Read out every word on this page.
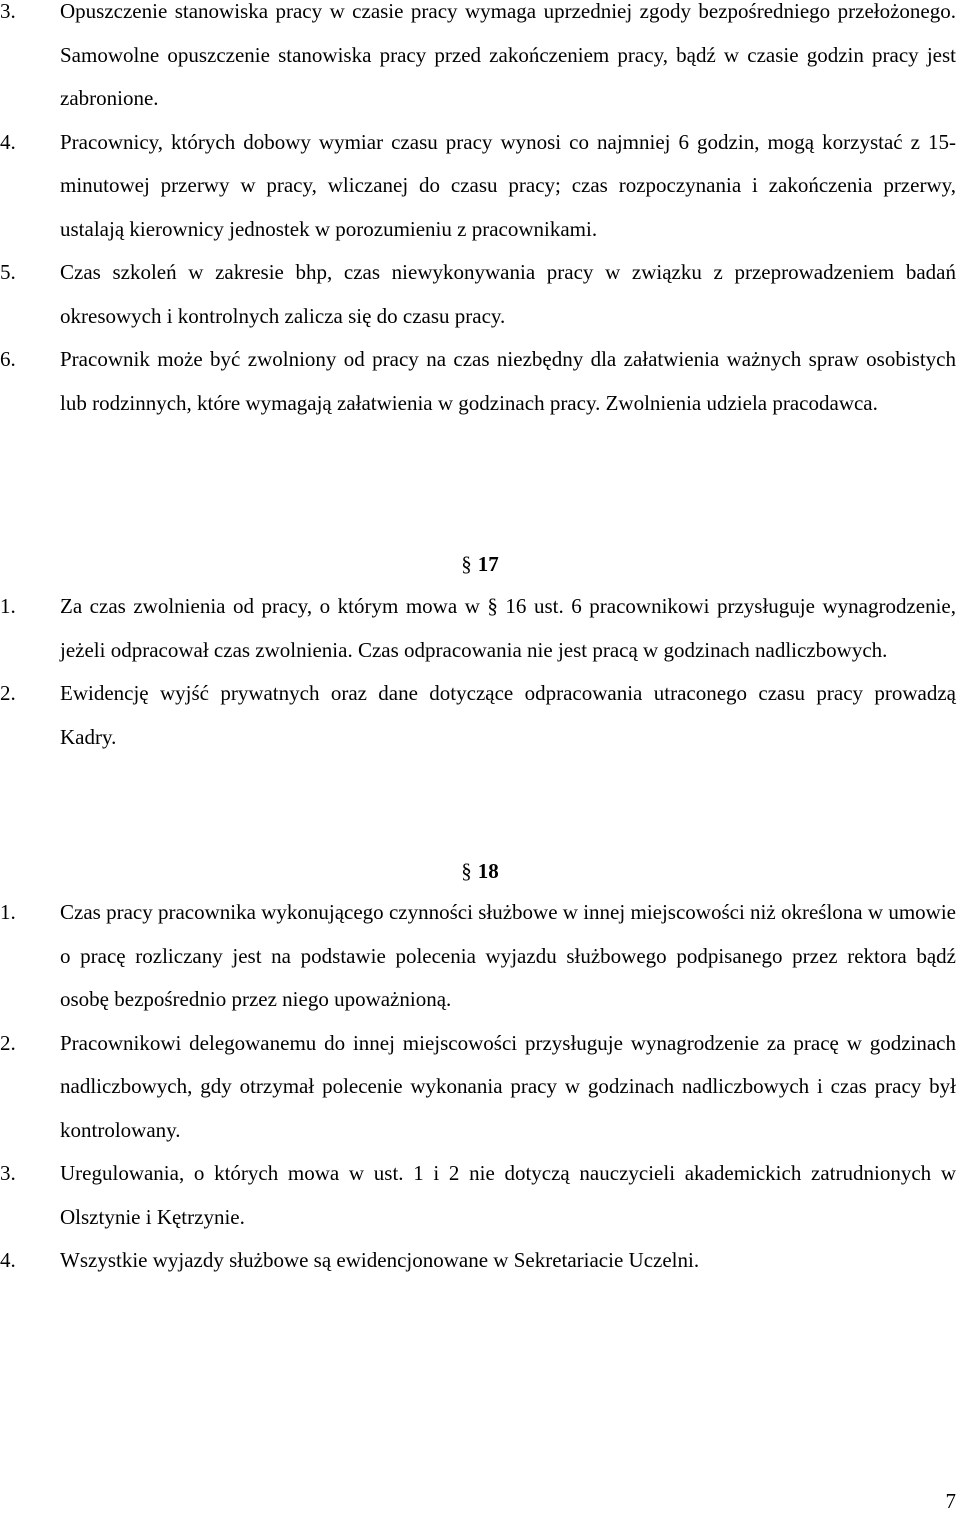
3.	Opuszczenie stanowiska pracy w czasie pracy wymaga uprzedniej zgody bezpośredniego przełożonego. Samowolne opuszczenie stanowiska pracy przed zakończeniem pracy, bądź w czasie godzin pracy jest zabronione.
4.	Pracownicy, których dobowy wymiar czasu pracy wynosi co najmniej 6 godzin, mogą korzystać z 15-minutowej przerwy w pracy, wliczanej do czasu pracy; czas rozpoczynania i zakończenia przerwy, ustalają kierownicy jednostek w porozumieniu z pracownikami.
5.	Czas szkoleń w zakresie bhp, czas niewykonywania pracy w związku z przeprowadzeniem badań okresowych i kontrolnych zalicza się do czasu pracy.
6.	Pracownik może być zwolniony od pracy na czas niezbędny dla załatwienia ważnych spraw osobistych lub rodzinnych, które wymagają załatwienia w godzinach pracy. Zwolnienia udziela pracodawca.
§ 17
1.	Za czas zwolnienia od pracy, o którym mowa w § 16 ust. 6 pracownikowi przysługuje wynagrodzenie, jeżeli odpracował czas zwolnienia. Czas odpracowania nie jest pracą w godzinach nadliczbowych.
2.	Ewidencję wyjść prywatnych oraz dane dotyczące odpracowania utraconego czasu pracy prowadzą Kadry.
§ 18
1.	Czas pracy pracownika wykonującego czynności służbowe w innej miejscowości niż określona w umowie o pracę rozliczany jest na podstawie polecenia wyjazdu służbowego podpisanego przez rektora bądź osobę bezpośrednio przez niego upoważnioną.
2.	Pracownikowi delegowanemu do innej miejscowości przysługuje wynagrodzenie za pracę w godzinach nadliczbowych, gdy otrzymał polecenie wykonania pracy w godzinach nadliczbowych i czas pracy był kontrolowany.
3.	Uregulowania, o których mowa w ust. 1 i 2 nie dotyczą nauczycieli akademickich zatrudnionych w Olsztynie i Kętrzynie.
4.	Wszystkie wyjazdy służbowe są ewidencjonowane w Sekretariacie Uczelni.
7
